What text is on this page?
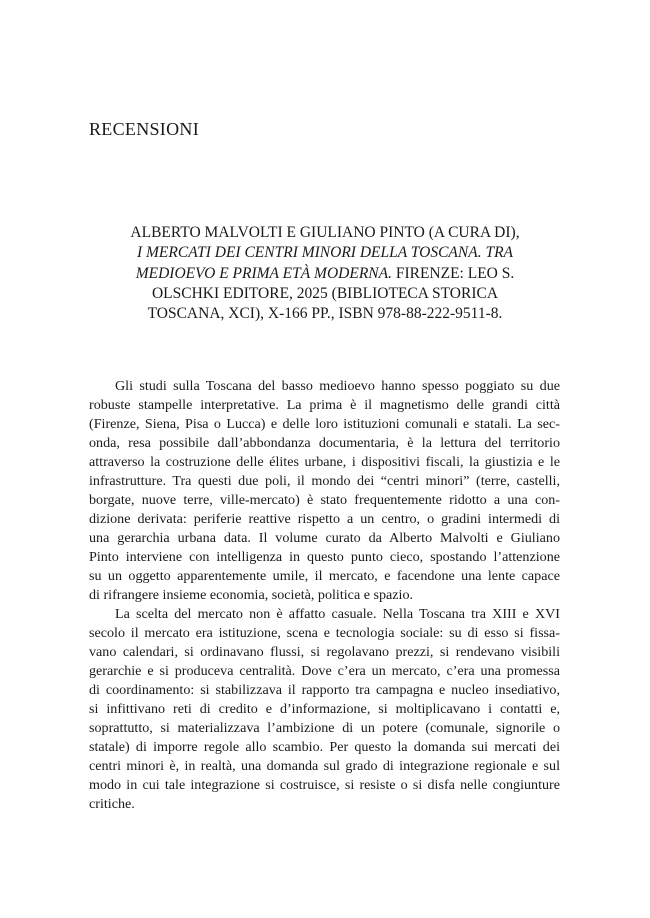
RECENSIONI
ALBERTO MALVOLTI E GIULIANO PINTO (A CURA DI),
I MERCATI DEI CENTRI MINORI DELLA TOSCANA. TRA
MEDIOEVO E PRIMA ETÀ MODERNA. FIRENZE: LEO S.
OLSCHKI EDITORE, 2025 (BIBLIOTECA STORICA
TOSCANA, XCI), X-166 PP., ISBN 978-88-222-9511-8.
Gli studi sulla Toscana del basso medioevo hanno spesso poggiato su due
robuste stampelle interpretative. La prima è il magnetismo delle grandi città
(Firenze, Siena, Pisa o Lucca) e delle loro istituzioni comunali e statali. La sec-
onda, resa possibile dall’abbondanza documentaria, è la lettura del territorio
attraverso la costruzione delle élites urbane, i dispositivi fiscali, la giustizia e le
infrastrutture. Tra questi due poli, il mondo dei “centri minori” (terre, castelli,
borgate, nuove terre, ville-mercato) è stato frequentemente ridotto a una con-
dizione derivata: periferie reattive rispetto a un centro, o gradini intermedi di
una gerarchia urbana data. Il volume curato da Alberto Malvolti e Giuliano
Pinto interviene con intelligenza in questo punto cieco, spostando l’attenzione
su un oggetto apparentemente umile, il mercato, e facendone una lente capace
di rifrangere insieme economia, società, politica e spazio.
La scelta del mercato non è affatto casuale. Nella Toscana tra XIII e XVI
secolo il mercato era istituzione, scena e tecnologia sociale: su di esso si fissa-
vano calendari, si ordinavano flussi, si regolavano prezzi, si rendevano visibili
gerarchie e si produceva centralità. Dove c’era un mercato, c’era una promessa
di coordinamento: si stabilizzava il rapporto tra campagna e nucleo insediativo,
si infittivano reti di credito e d’informazione, si moltiplicavano i contatti e,
soprattutto, si materializzava l’ambizione di un potere (comunale, signorile o
statale) di imporre regole allo scambio. Per questo la domanda sui mercati dei
centri minori è, in realtà, una domanda sul grado di integrazione regionale e sul
modo in cui tale integrazione si costruisce, si resiste o si disfa nelle congiunture
critiche.
